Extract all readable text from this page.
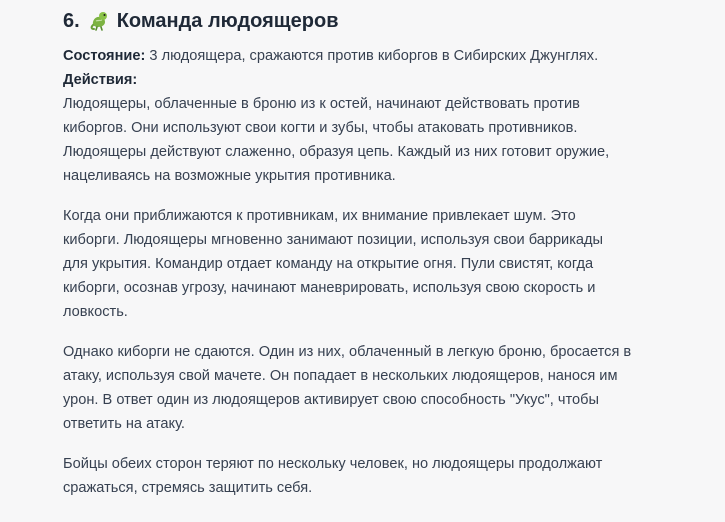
6. Команда людоящеров
Состояние: 3 людоящера, сражаются против киборгов в Сибирских Джунглях.
Действия:
Людоящеры, облаченные в броню из к остей, начинают действовать против
киборгов. Они используют свои когти и зубы, чтобы атаковать противников.
Людоящеры действуют слаженно, образуя цепь. Каждый из них готовит оружие,
нацеливаясь на возможные укрытия противника.
Когда они приближаются к противникам, их внимание привлекает шум. Это
киборги. Людоящеры мгновенно занимают позиции, используя свои баррикады
для укрытия. Командир отдает команду на открытие огня. Пули свистят, когда
киборги, осознав угрозу, начинают маневрировать, используя свою скорость и
ловкость.
Однако киборги не сдаются. Один из них, облаченный в легкую броню, бросается в
атаку, используя свой мачете. Он попадает в нескольких людоящеров, нанося им
урон. В ответ один из людоящеров активирует свою способность "Укус", чтобы
ответить на атаку.
Бойцы обеих сторон теряют по нескольку человек, но людоящеры продолжают
сражаться, стремясь защитить себя.
